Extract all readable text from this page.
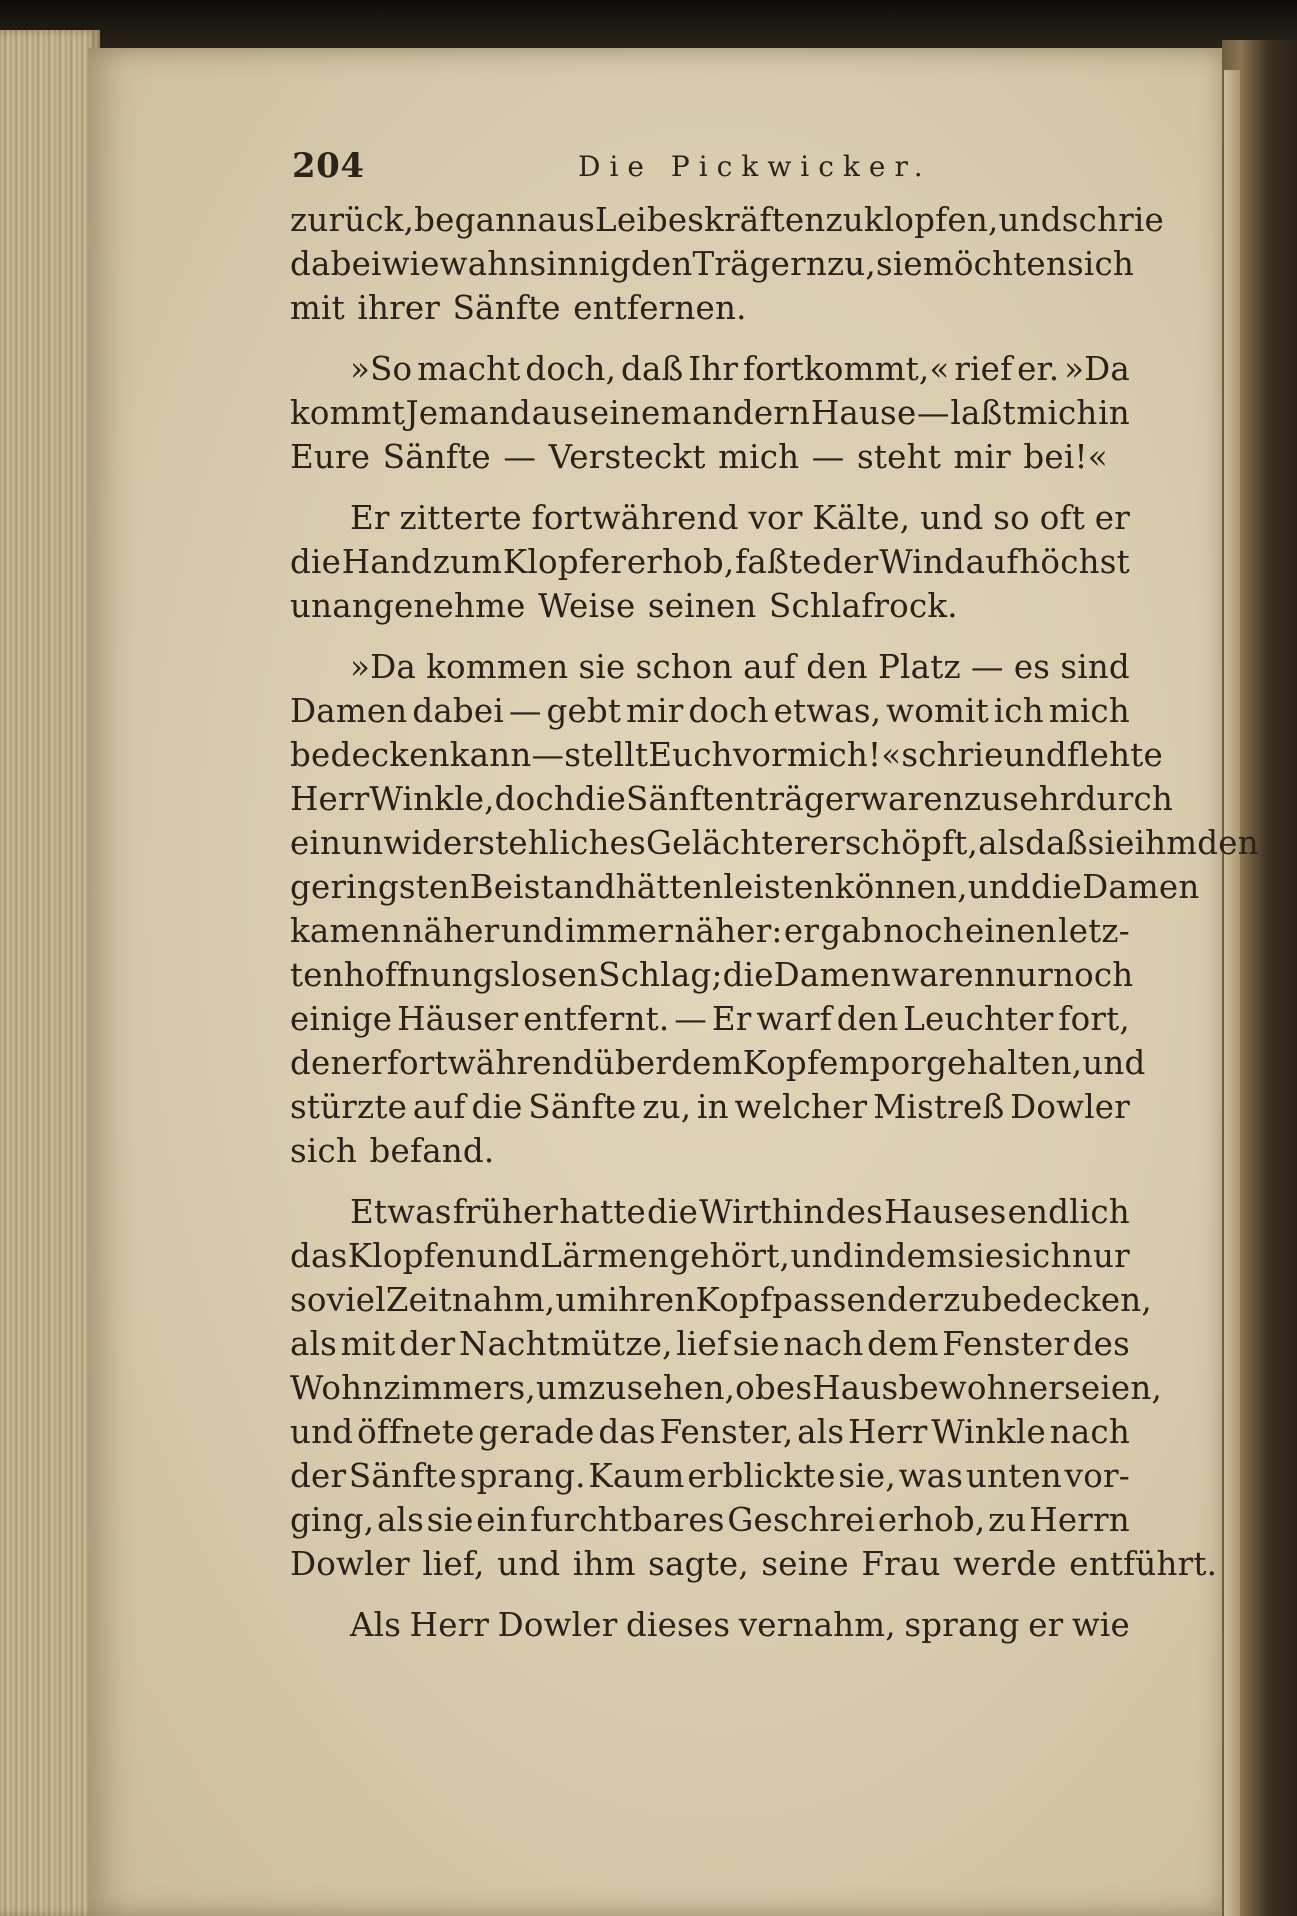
204	Die Pickwicker.

zurück, begann aus Leibeskräften zu klopfen, und schrie
dabei wie wahnsinnig den Trägern zu, sie möchten sich
mit ihrer Sänfte entfernen.

»So macht doch, daß Ihr fortkommt,« rief er. »Da
kommt Jemand aus einem andern Hause — laßt mich in
Eure Sänfte — Versteckt mich — steht mir bei!«

Er zitterte fortwährend vor Kälte, und so oft er
die Hand zum Klopfer erhob, faßte der Wind auf höchst
unangenehme Weise seinen Schlafrock.

»Da kommen sie schon auf den Platz — es sind
Damen dabei — gebt mir doch etwas, womit ich mich
bedecken kann — stellt Euch vor mich!« schrie und flehte
Herr Winkle, doch die Sänftenträger waren zu sehr durch
ein unwiderstehliches Gelächter erschöpft, als daß sie ihm den
geringsten Beistand hätten leisten können, und die Damen
kamen näher und immer näher: er gab noch einen letz-
ten hoffnungslosen Schlag; die Damen waren nur noch
einige Häuser entfernt. — Er warf den Leuchter fort,
den er fortwährend über dem Kopf emporgehalten, und
stürzte auf die Sänfte zu, in welcher Mistreß Dowler
sich befand.

Etwas früher hatte die Wirthin des Hauses endlich
das Klopfen und Lärmen gehört, und indem sie sich nur
so viel Zeit nahm, um ihren Kopf passender zu bedecken,
als mit der Nachtmütze, lief sie nach dem Fenster des
Wohnzimmers, um zu sehen, ob es Hausbewohner seien,
und öffnete gerade das Fenster, als Herr Winkle nach
der Sänfte sprang. Kaum erblickte sie, was unten vor-
ging, als sie ein furchtbares Geschrei erhob, zu Herrn
Dowler lief, und ihm sagte, seine Frau werde entführt.

Als Herr Dowler dieses vernahm, sprang er wie
